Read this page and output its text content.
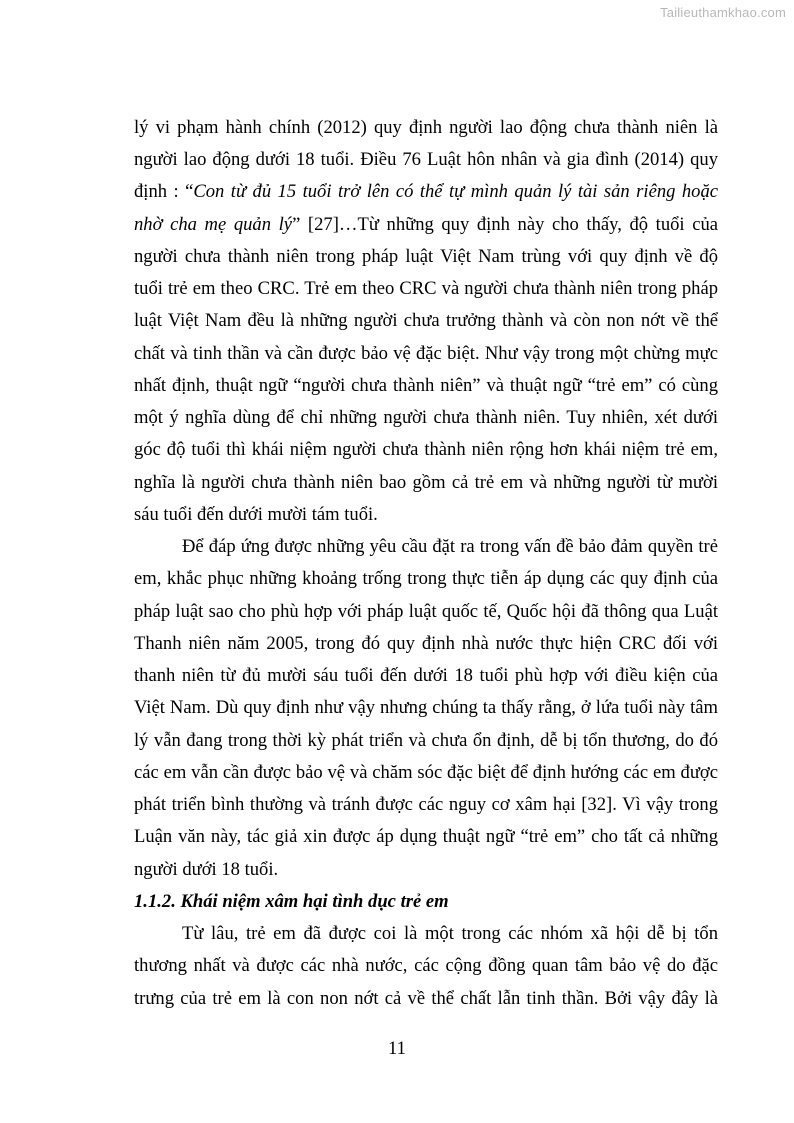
Tailieuthamkhao.com
lý vi phạm hành chính (2012) quy định người lao động chưa thành niên là
người lao động dưới 18 tuổi. Điều 76 Luật hôn nhân và gia đình (2014) quy
định : “Con từ đủ 15 tuổi trở lên có thể tự mình quản lý tài sản riêng hoặc
nhờ cha mẹ quản lý” [27]…Từ những quy định này cho thấy, độ tuổi của
người chưa thành niên trong pháp luật Việt Nam trùng với quy định về độ
tuổi trẻ em theo CRC. Trẻ em theo CRC và người chưa thành niên trong pháp
luật Việt Nam đều là những người chưa trưởng thành và còn non nớt về thể
chất và tinh thần và cần được bảo vệ đặc biệt. Như vậy trong một chừng mực
nhất định, thuật ngữ “người chưa thành niên” và thuật ngữ “trẻ em” có cùng
một ý nghĩa dùng để chỉ những người chưa thành niên. Tuy nhiên, xét dưới
góc độ tuổi thì khái niệm người chưa thành niên rộng hơn khái niệm trẻ em,
nghĩa là người chưa thành niên bao gồm cả trẻ em và những người từ mười
sáu tuổi đến dưới mười tám tuổi.
Để đáp ứng được những yêu cầu đặt ra trong vấn đề bảo đảm quyền trẻ
em, khắc phục những khoảng trống trong thực tiễn áp dụng các quy định của
pháp luật sao cho phù hợp với pháp luật quốc tế, Quốc hội đã thông qua Luật
Thanh niên năm 2005, trong đó quy định nhà nước thực hiện CRC đối với
thanh niên từ đủ mười sáu tuổi đến dưới 18 tuổi phù hợp với điều kiện của
Việt Nam. Dù quy định như vậy nhưng chúng ta thấy rằng, ở lứa tuổi này tâm
lý vẫn đang trong thời kỳ phát triển và chưa ổn định, dễ bị tổn thương, do đó
các em vẫn cần được bảo vệ và chăm sóc đặc biệt để định hướng các em được
phát triển bình thường và tránh được các nguy cơ xâm hại [32]. Vì vậy trong
Luận văn này, tác giả xin được áp dụng thuật ngữ “trẻ em” cho tất cả những
người dưới 18 tuổi.
1.1.2. Khái niệm xâm hại tình dục trẻ em
Từ lâu, trẻ em đã được coi là một trong các nhóm xã hội dễ bị tổn
thương nhất và được các nhà nước, các cộng đồng quan tâm bảo vệ do đặc
trưng của trẻ em là con non nớt cả về thể chất lẫn tinh thần. Bởi vậy đây là
11
